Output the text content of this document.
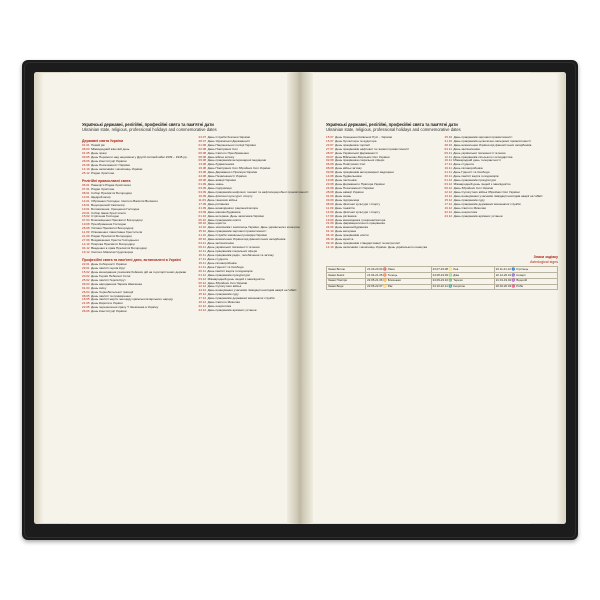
Українські державні, релігійні, професійні свята та пам'ятні дати
Ukrainian state, religious, professional holidays and commemorative dates
Державні свята України
01.01 Новий рік
08.03 Міжнародний жіночий день
01.05 День праці
09.05 День Перемоги над нацизмом у Другій світовій війні 1939 – 1945 рр.
28.06 День Конституції України
24.08 День Незалежності України
14.10 День захисників і захисниць України
25.12 Різдво Христове
Релігійні православні свята
06.01 Навечір'я Різдва Христового
07.01 Різдво Христове
08.01 Собор Пресвятої Богородиці
13.01 Щедрий вечір
14.01 Обрізання Господнє. Святого Василія Великого
18.01 Водохресний Святвечір
19.01 Богоявлення. Хрещення Господнє
20.01 Собор Івана Хрестителя
15.02 Стрітення Господнє
07.04 Благовіщення Пресвятої Богородиці
19.08 Преображення Господнє
28.08 Успіння Пресвятої Богородиці
11.09 Усікновення глави Івана Хрестителя
21.09 Різдво Пресвятої Богородиці
27.09 Воздвиження Хреста Господнього
14.10 Покрова Пресвятої Богородиці
04.12 Введення в храм Пресвятої Богородиці
19.12 Святого Миколая Чудотворця
Професійні свята та пам'ятні дати, встановлені в Україні
22.01 День Соборності України
29.01 День пам'яті героїв Крут
15.02 День вшанування учасників бойових дій на території інших держав
20.02 День Героїв Небесної Сотні
25.02 День пам'яті Героїв Крут
09.03 День народження Тараса Шевченка
01.04 День сміху
26.04 День Чорнобильської трагедії
08.05 День пам'яті та примирення
18.05 День пам'яті жертв геноциду кримськотатарського народу
21.05 День Європи в Україні
22.05 День перенесення праху Т. Шевченка в Україну
28.06 День Конституції України
23.07 День Служби безпеки України
28.07 День Української Державності
01.08 День Національної поліції України
02.08 День Повітряних Сил
06.08 День Святого Преображення
08.08 День військ зв'язку
09.08 День працівників ветеринарної медицини
13.08 День будівельника
16.08 День Повітряних Сил Збройних Сил України
23.08 День Державного Прапора України
24.08 День Незалежності України
28.08 День авіації України
01.09 День знань
03.09 День підприємця
04.09 День працівників нафтової, газової та нафтопереробної промисловості
10.09 День фізичної культури і спорту
11.09 День танкових військ
17.09 День рятівника
21.09 День винахідника і раціоналізатора
24.09 День машинобудівника
01.10 День ветерана. День захисника України
06.10 День працівників освіти
08.10 День юриста
14.10 День захисників і захисниць України. День українського козацтва
15.10 День працівників харчової промисловості
21.10 День Служби зовнішньої розвідки України
28.10 День визволення України від фашистських загарбників
04.11 День залізничника
09.11 День української писемності та мови
12.11 День працівників соціальної сфери
16.11 День працівників радіо, телебачення та зв'язку
17.11 День студента
19.11 День скловиробника
21.11 День Гідності та Свободи
26.11 День пам'яті жертв голодоморів
01.12 День працівників прокуратури
03.12 Міжнародний день людей з інвалідністю
06.12 День Збройних Сил України
12.12 День Сухопутних військ
14.12 День вшанування учасників ліквідації наслідків аварії на ЧАЕС
15.12 День працівників суду
17.12 День працівників державної виконавчої служби
19.12 День Святого Миколая
22.12 День енергетика
24.12 День працівників архівних установ
Українські державні, релігійні, професійні свята та пам'ятні дати
Ukrainian state, religious, professional holidays and commemorative dates
15.07 День Хрещення Київської Русі – України
16.07 День бухгалтера та аудитора
23.07 День працівника торгівлі
27.07 День працівників нафтової та газової промисловості
28.07 День Української Державності
30.07 День Військово-Морських Сил України
02.08 День працівника соціальної сфери
06.08 День Повітряних Сил
08.08 День військ зв'язку
09.08 День працівників ветеринарної медицини
14.08 День будівельника
19.08 День пасічника
23.08 День Державного Прапора України
24.08 День Незалежності України
28.08 День авіації України
01.09 День знань
03.09 День підприємця
08.09 День фізичної культури і спорту
11.09 День танкістів
14.09 День фізичної культури і спорту
17.09 День рятівника
19.09 День винахідника і раціоналізатора
21.09 День фармацевтичного працівника
24.09 День машинобудівника
01.10 День ветерана
06.10 День працівників освіти
08.10 День юриста
09.10 День працівників стандартизації та метрології
14.10 День захисників і захисниць України. День українського козацтва
15.10 День працівників харчової промисловості
21.10 День працівників целюлозно-паперової промисловості
28.10 День визволення України від фашистських загарбників
04.11 День залізничника
09.11 День української писемності та мови
12.11 День працівників сільського господарства
16.11 Міжнародний день толерантності
17.11 День студента
19.11 День скловиробника
21.11 День Гідності та Свободи
26.11 День пам'яті жертв голодоморів
01.12 День працівників прокуратури
03.12 Міжнародний день людей з інвалідністю
06.12 День Збройних Сил України
12.12 День Сухопутних військ Збройних Сил України
14.12 День вшанування учасників ліквідації наслідків аварії на ЧАЕС
15.12 День працівників суду
17.12 День працівників державної виконавчої служби
19.12 День Святого Миколая
22.12 День енергетика
24.12 День працівників архівних установ
Знаки зодіаку
Astrological signs
Знаки Вогню	21.03-20.04 ♈ Овен	23.07-23.08 ♌ Лев	23.11-21.12 ♐ Стрілець
Знаки Землі	21.04-21.05 ♉ Телець	24.08-23.09 ♍ Діва	22.12-20.01 ♑ Козеріг
Знаки Повітря	22.05-21.06 ♊ Близнюки	24.09-23.10 ♎ Терези	21.01-19.02 ♒ Водолій
Знаки Води	22.06-22.07 ♋ Рак	24.10-22.11 ♏ Скорпіон	20.02-20.03 ♓ Риби
